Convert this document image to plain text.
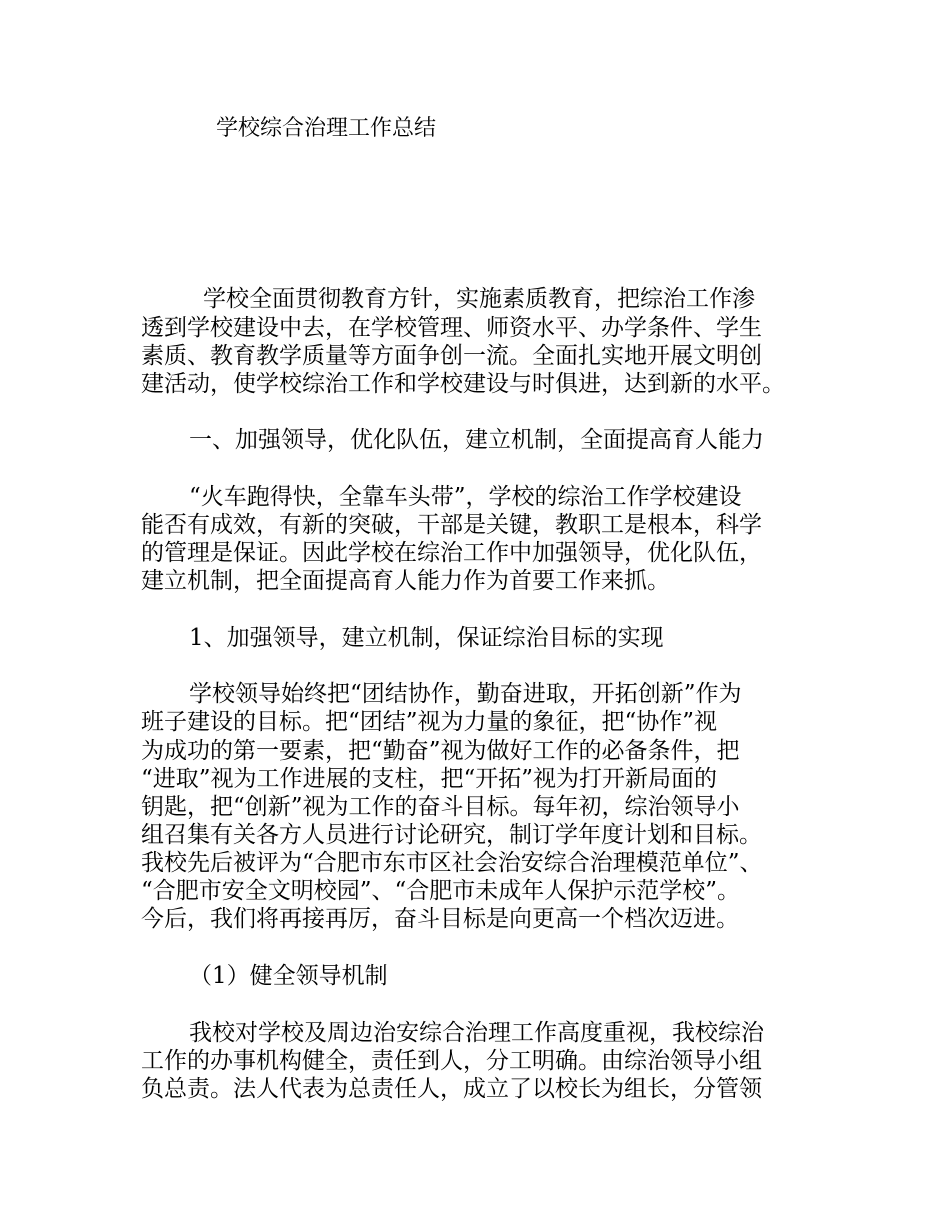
学校综合治理工作总结
学校全面贯彻教育方针，实施素质教育，把综治工作渗
透到学校建设中去，在学校管理、师资水平、办学条件、学生
素质、教育教学质量等方面争创一流。全面扎实地开展文明创
建活动，使学校综治工作和学校建设与时俱进，达到新的水平。
一、加强领导，优化队伍，建立机制，全面提高育人能力
“火车跑得快，全靠车头带”，学校的综治工作学校建设
能否有成效，有新的突破，干部是关键，教职工是根本，科学
的管理是保证。因此学校在综治工作中加强领导，优化队伍，
建立机制，把全面提高育人能力作为首要工作来抓。
1、加强领导，建立机制，保证综治目标的实现
学校领导始终把“团结协作，勤奋进取，开拓创新”作为
班子建设的目标。把“团结”视为力量的象征，把“协作”视
为成功的第一要素，把“勤奋”视为做好工作的必备条件，把
“进取”视为工作进展的支柱，把“开拓”视为打开新局面的
钥匙，把“创新”视为工作的奋斗目标。每年初，综治领导小
组召集有关各方人员进行讨论研究，制订学年度计划和目标。
我校先后被评为“合肥市东市区社会治安综合治理模范单位”、
“合肥市安全文明校园”、“合肥市未成年人保护示范学校”。
今后，我们将再接再厉，奋斗目标是向更高一个档次迈进。
（1）健全领导机制
我校对学校及周边治安综合治理工作高度重视，我校综治
工作的办事机构健全，责任到人，分工明确。由综治领导小组
负总责。法人代表为总责任人，成立了以校长为组长，分管领
